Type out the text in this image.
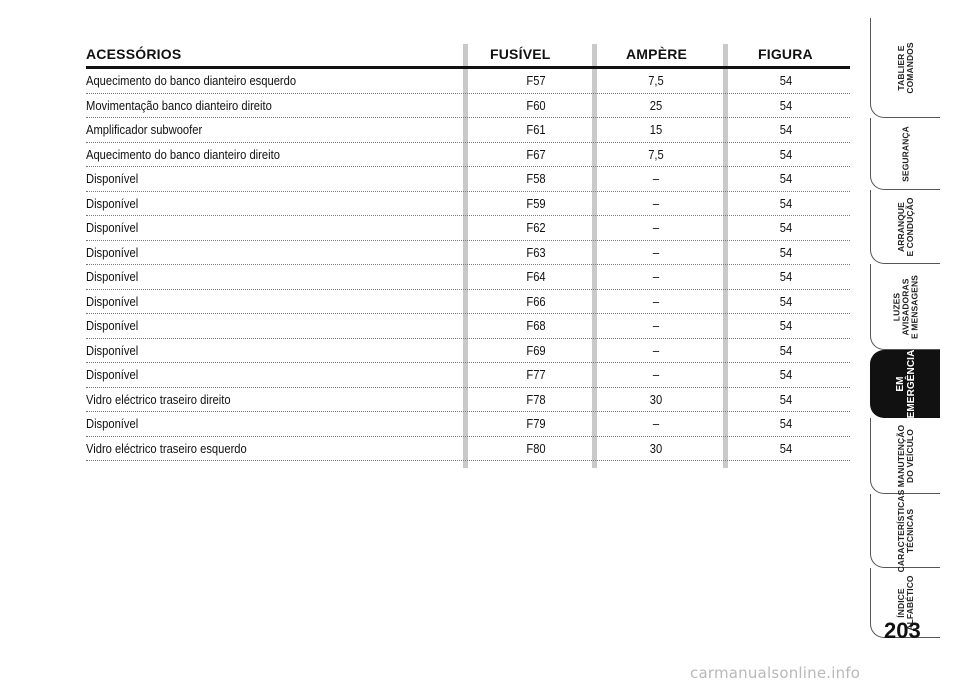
ACESSÓRIOS	FUSÍVEL	AMPÈRE	FIGURA
Aquecimento do banco dianteiro esquerdo	F57	7,5	54
Movimentação banco dianteiro direito	F60	25	54
Amplificador subwoofer	F61	15	54
Aquecimento do banco dianteiro direito	F67	7,5	54
Disponível	F58	–	54
Disponível	F59	–	54
Disponível	F62	–	54
Disponível	F63	–	54
Disponível	F64	–	54
Disponível	F66	–	54
Disponível	F68	–	54
Disponível	F69	–	54
Disponível	F77	–	54
Vidro eléctrico traseiro direito	F78	30	54
Disponível	F79	–	54
Vidro eléctrico traseiro esquerdo	F80	30	54
TABLIER E COMANDOS
SEGURANÇA
ARRANQUE E CONDUÇÃO
LUZES AVISADORAS E MENSAGENS
EM EMERGÊNCIA
MANUTENÇÃO DO VEÍCULO
CARACTERÍSTICAS TÉCNICAS
ÍNDICE ALFABÉTICO
203
carmanualsonline.info
